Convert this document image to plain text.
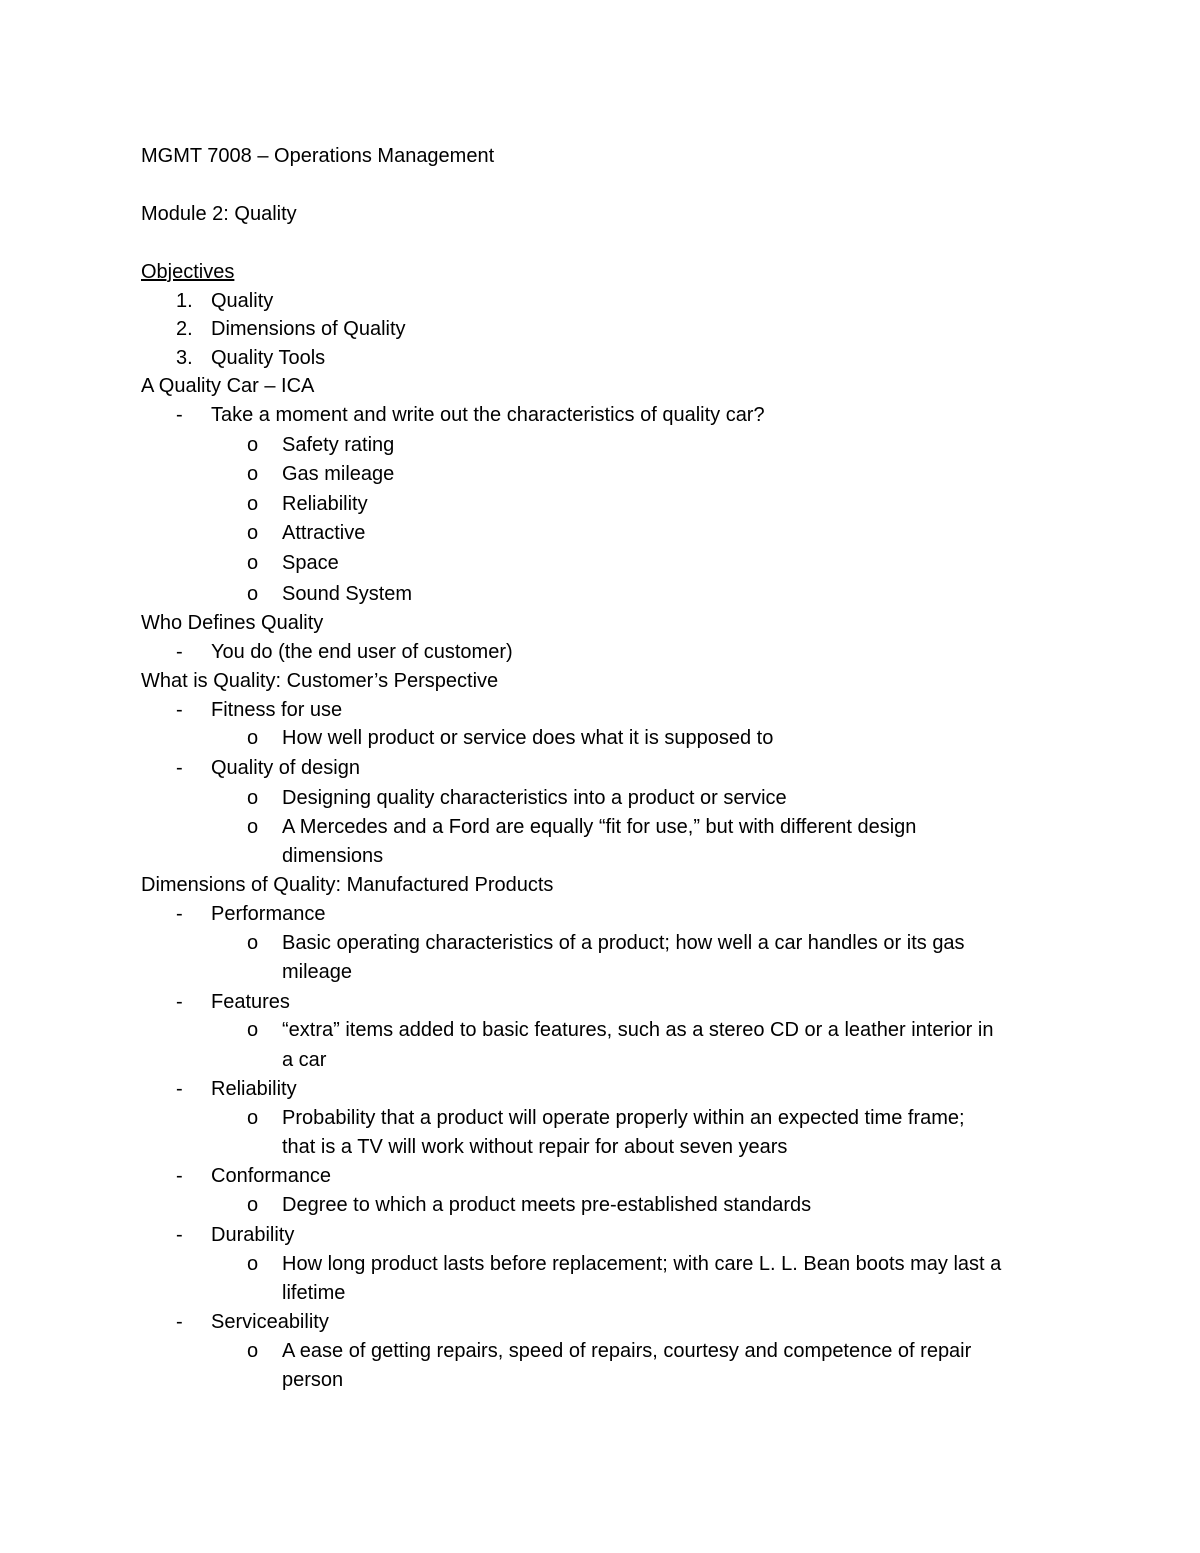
MGMT 7008 – Operations Management
Module 2: Quality
Objectives
1. Quality
2. Dimensions of Quality
3. Quality Tools
A Quality Car – ICA
- Take a moment and write out the characteristics of quality car?
o Safety rating
o Gas mileage
o Reliability
o Attractive
o Space
o Sound System
Who Defines Quality
- You do (the end user of customer)
What is Quality: Customer’s Perspective
- Fitness for use
o How well product or service does what it is supposed to
- Quality of design
o Designing quality characteristics into a product or service
o A Mercedes and a Ford are equally “fit for use,” but with different design
dimensions
Dimensions of Quality: Manufactured Products
- Performance
o Basic operating characteristics of a product; how well a car handles or its gas
mileage
- Features
o “extra” items added to basic features, such as a stereo CD or a leather interior in
a car
- Reliability
o Probability that a product will operate properly within an expected time frame;
that is a TV will work without repair for about seven years
- Conformance
o Degree to which a product meets pre-established standards
- Durability
o How long product lasts before replacement; with care L. L. Bean boots may last a
lifetime
- Serviceability
o A ease of getting repairs, speed of repairs, courtesy and competence of repair
person
